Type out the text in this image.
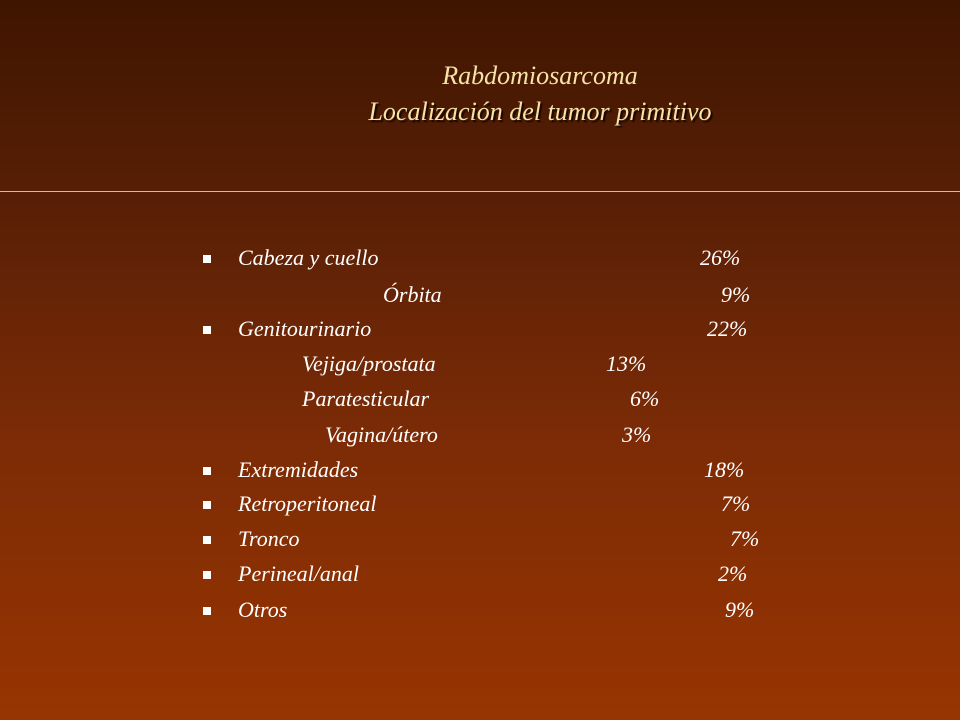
Rabdomiosarcoma
Localización del tumor primitivo
Cabeza y cuello	26%
Órbita	9%
Genitourinario	22%
Vejiga/prostata	13%
Paratesticular	6%
Vagina/útero	3%
Extremidades	18%
Retroperitoneal	7%
Tronco	7%
Perineal/anal	2%
Otros	9%
